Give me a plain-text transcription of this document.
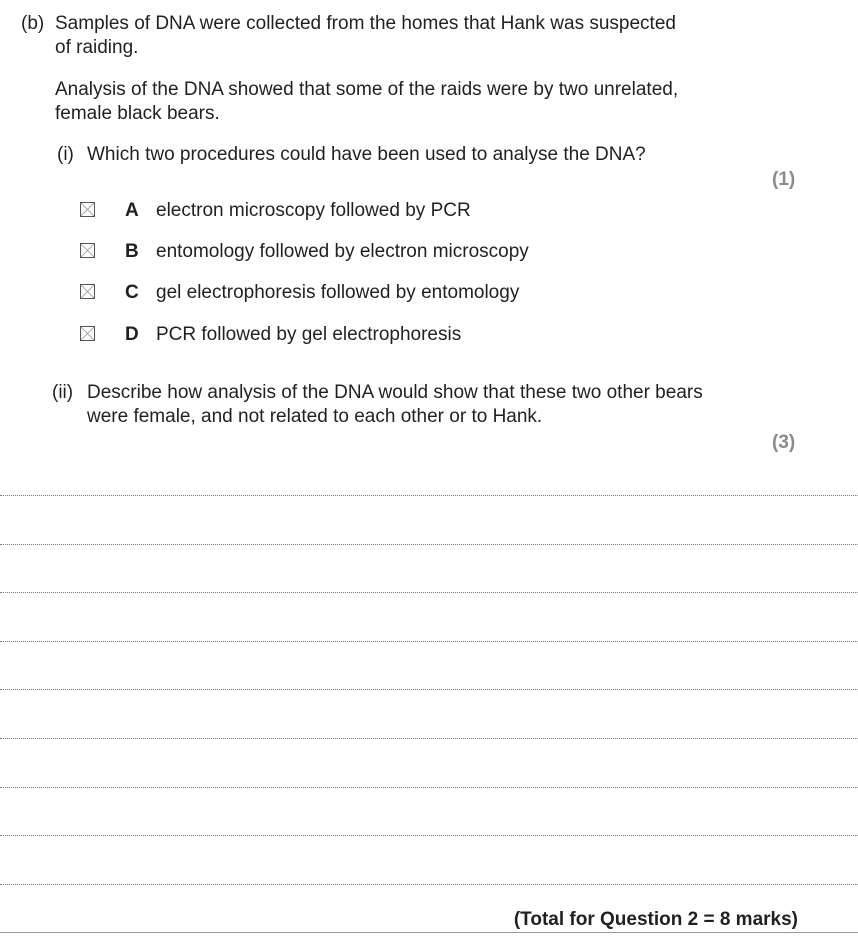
(b) Samples of DNA were collected from the homes that Hank was suspected
of raiding.
Analysis of the DNA showed that some of the raids were by two unrelated,
female black bears.
(i) Which two procedures could have been used to analyse the DNA?
(1)
A electron microscopy followed by PCR
B entomology followed by electron microscopy
C gel electrophoresis followed by entomology
D PCR followed by gel electrophoresis
(ii) Describe how analysis of the DNA would show that these two other bears
were female, and not related to each other or to Hank.
(3)
(Total for Question 2 = 8 marks)
